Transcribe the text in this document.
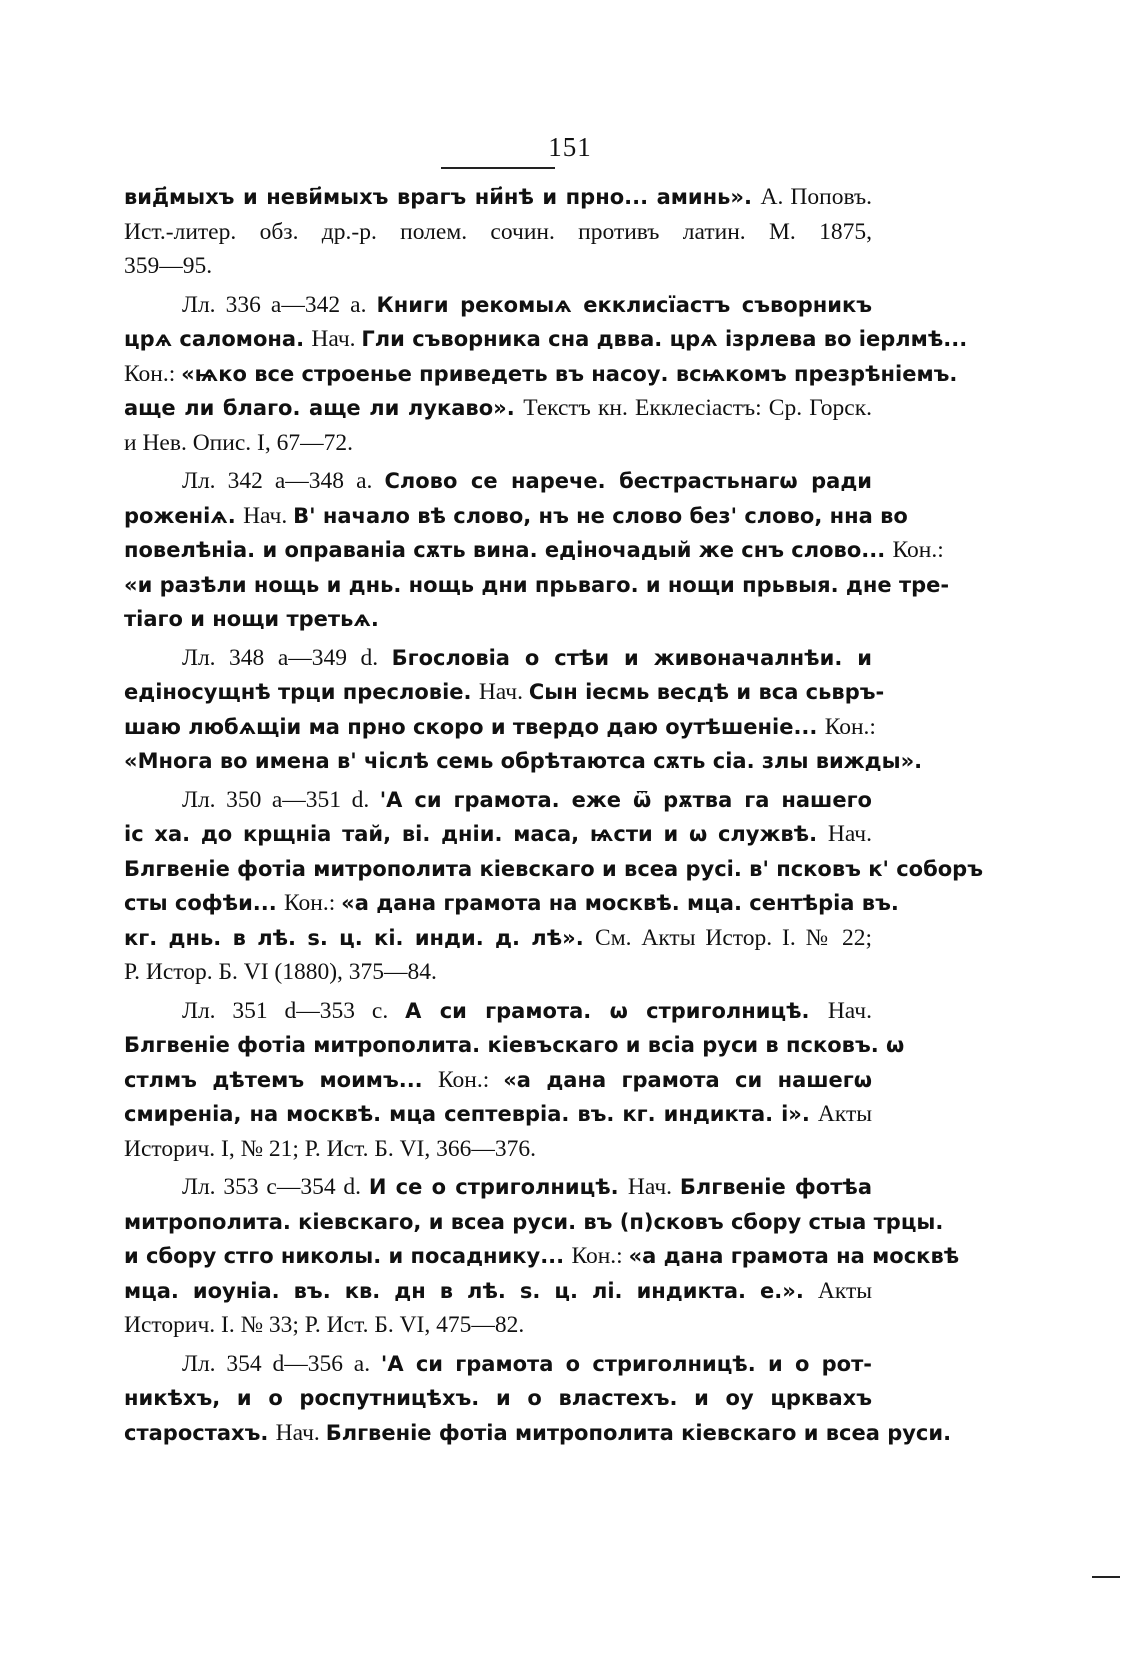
151
вид҃мыхъ и неви҃мыхъ врагъ ни҃нѣ и прно... аминь». А. Поповъ.
Ист.-литер. обз. др.-р. полем. сочин. противъ латин. М. 1875,
359—95.
Лл. 336 a—342 a. Книги рекомыѧ екклисїастъ съворникъ
црѧ саломона. Нач. Гли съворника сна двва. црѧ iзрлева во iерлмѣ...
Кон.: «ѩко все строенье приведеть въ насоу. всѩкомъ презрѣнiемъ.
аще ли благо. аще ли лукаво». Текстъ кн. Екклесiастъ: Ср. Горск.
и Нев. Опис. I, 67—72.
Лл. 342 a—348 a. Слово се нарече. бестрастьнагѡ ради
роженiѧ. Нач. В' начало вѣ слово, нъ не слово без' слово, нна во
повелѣнiа. и оправанiа сѫть вина. едiночадый же снъ слово... Кон.:
«и разѣли нощь и днь. нощь дни прьваго. и нощи прьвыя. дне тре-
тiаго и нощи третьѧ.
Лл. 348 a—349 d. Бгословiа о стѣи и живоначалнѣи. и
едiносущнѣ трци пресловiе. Нач. Сын iесмь весдѣ и вса сьвръ-
шаю любѧщiи ма прно скоро и твердо даю оутѣшенiе... Кон.:
«Многа во имена в' чiслѣ семь обрѣтаютса сѫть сiа. злы вижды».
Лл. 350 a—351 d. 'А си грамота. еже ѿ рѫтва га нашего
iс ха. до крщнiа тай, ві. днiи. маса, ѩсти и ѡ служвѣ. Нач.
Блгвенiе фотiа митрополита кiевскаго и всеа русі. в' псковъ к' соборъ
сты софѣи... Кон.: «а дана грамота на москвѣ. мца. сентѣрiа въ.
кг. днь. в лѣ. s. ц. кі. инди. д. лѣ». См. Акты Истор. I. № 22;
Р. Истор. Б. VI (1880), 375—84.
Лл. 351 d—353 c. А си грамота. ѡ стриголницѣ. Нач.
Блгвенiе фотiа митрополита. кiевъскаго и всiа руси в псковъ. ѡ
стлмъ дѣтемъ моимъ... Кон.: «а дана грамота си нашегѡ
смиренiа, на москвѣ. мца септеврiа. въ. кг. индикта. і». Акты
Историч. I, № 21; Р. Ист. Б. VI, 366—376.
Лл. 353 c—354 d. И се о стриголницѣ. Нач. Блгвенiе фотѣа
митрополита. кiевскаго, и всеа руси. въ (п)сковъ сбору стыа трцы.
и сбору стго николы. и посаднику... Кон.: «а дана грамота на москвѣ
мца. иоунiа. въ. кв. дн в лѣ. s. ц. лі. индикта. е.». Акты
Историч. I. № 33; Р. Ист. Б. VI, 475—82.
Лл. 354 d—356 a. 'А си грамота о стриголницѣ. и о рот-
никѣхъ, и о роспутницѣхъ. и о властехъ. и оу црквахъ
старостахъ. Нач. Блгвенiе фотiа митрополита кiевскаго и всеа руси.
